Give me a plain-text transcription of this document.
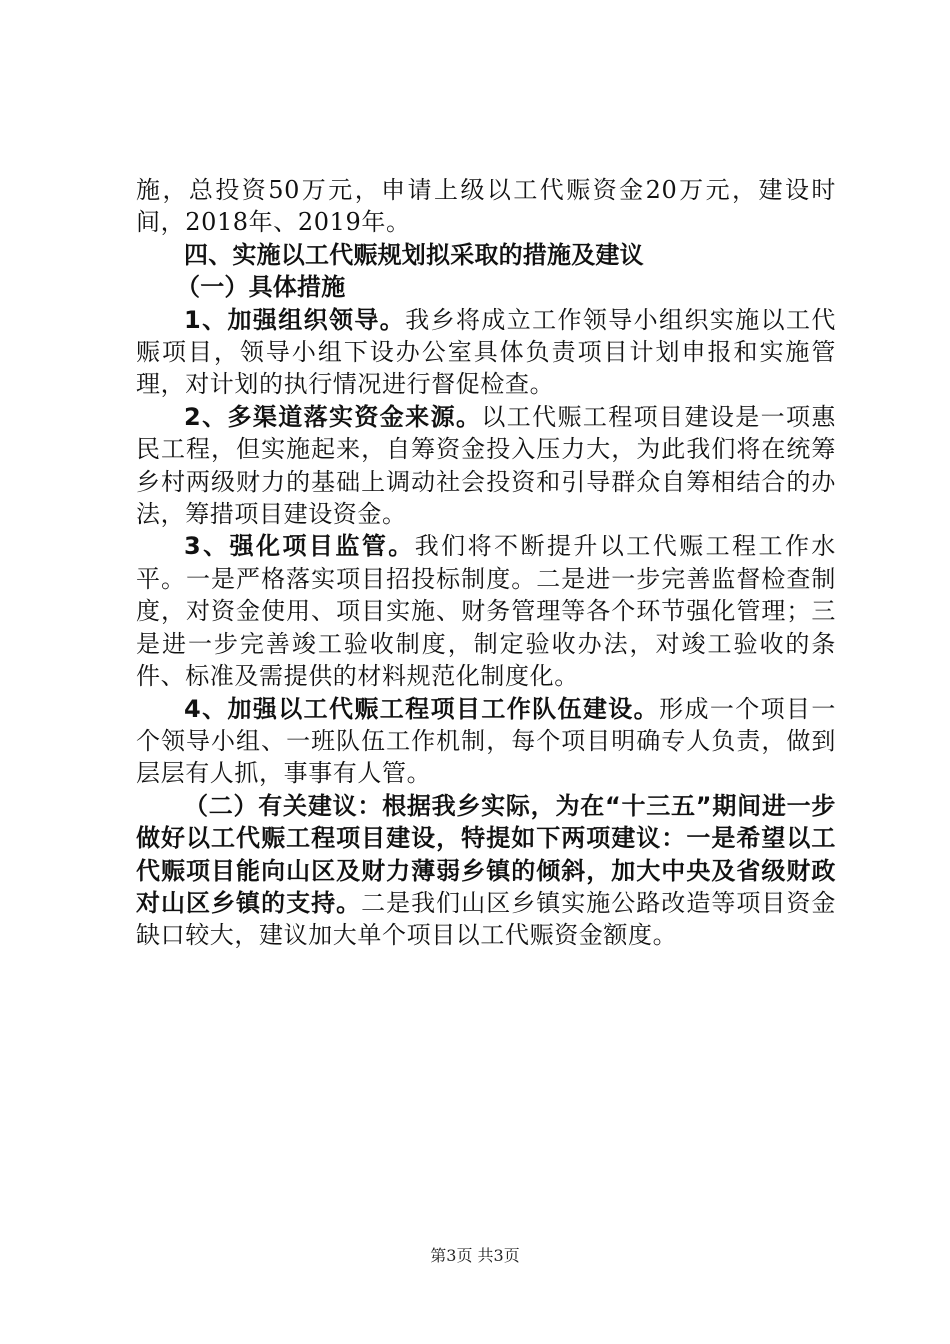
施，总投资50万元，申请上级以工代赈资金20万元，建设时间，2018年、2019年。

四、实施以工代赈规划拟采取的措施及建议

（一）具体措施

1、加强组织领导。我乡将成立工作领导小组织实施以工代赈项目，领导小组下设办公室具体负责项目计划申报和实施管理，对计划的执行情况进行督促检查。

2、多渠道落实资金来源。以工代赈工程项目建设是一项惠民工程，但实施起来，自筹资金投入压力大，为此我们将在统筹乡村两级财力的基础上调动社会投资和引导群众自筹相结合的办法，筹措项目建设资金。

3、强化项目监管。我们将不断提升以工代赈工程工作水平。一是严格落实项目招投标制度。二是进一步完善监督检查制度，对资金使用、项目实施、财务管理等各个环节强化管理；三是进一步完善竣工验收制度，制定验收办法，对竣工验收的条件、标准及需提供的材料规范化制度化。

4、加强以工代赈工程项目工作队伍建设。形成一个项目一个领导小组、一班队伍工作机制，每个项目明确专人负责，做到层层有人抓，事事有人管。

（二）有关建议：根据我乡实际，为在“十三五”期间进一步做好以工代赈工程项目建设，特提如下两项建议：一是希望以工代赈项目能向山区及财力薄弱乡镇的倾斜，加大中央及省级财政对山区乡镇的支持。二是我们山区乡镇实施公路改造等项目资金缺口较大，建议加大单个项目以工代赈资金额度。

第3页 共3页
